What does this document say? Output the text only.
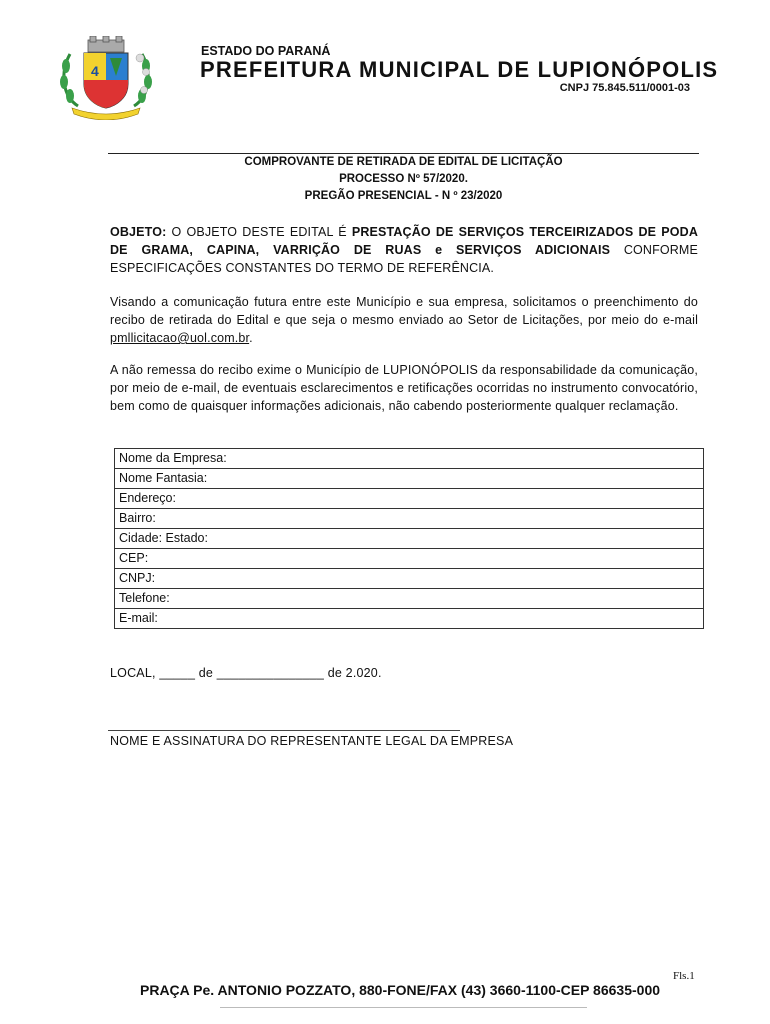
4
ESTADO DO PARANÁ
PREFEITURA MUNICIPAL DE LUPIONÓPOLIS
CNPJ 75.845.511/0001-03
COMPROVANTE DE RETIRADA DE EDITAL DE LICITAÇÃO
PROCESSO Nº 57/2020.
PREGÃO PRESENCIAL - N º 23/2020
OBJETO: O OBJETO DESTE EDITAL É PRESTAÇÃO DE SERVIÇOS TERCEIRIZADOS DE PODA DE GRAMA, CAPINA, VARRIÇÃO DE RUAS e SERVIÇOS ADICIONAIS CONFORME ESPECIFICAÇÕES CONSTANTES DO TERMO DE REFERÊNCIA.
Visando a comunicação futura entre este Município e sua empresa, solicitamos o preenchimento do recibo de retirada do Edital e que seja o mesmo enviado ao Setor de Licitações, por meio do e-mail pmllicitacao@uol.com.br.
A não remessa do recibo exime o Município de LUPIONÓPOLIS da responsabilidade da comunicação, por meio de e-mail, de eventuais esclarecimentos e retificações ocorridas no instrumento convocatório, bem como de quaisquer informações adicionais, não cabendo posteriormente qualquer reclamação.
Nome da Empresa:
Nome Fantasia:
Endereço:
Bairro:
Cidade: Estado:
CEP:
CNPJ:
Telefone:
E-mail:
LOCAL, _____ de _______________ de 2.020.
NOME E ASSINATURA DO REPRESENTANTE LEGAL DA EMPRESA
Fls.1
PRAÇA Pe. ANTONIO POZZATO, 880-FONE/FAX (43) 3660-1100-CEP 86635-000
